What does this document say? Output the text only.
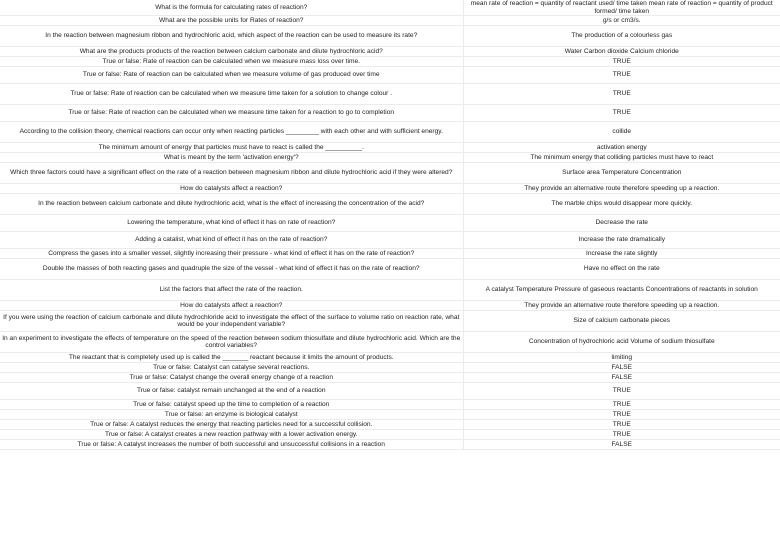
What is the formula for calculating rates of reaction?	mean rate of reaction = quantity of reactant used/ time taken mean rate of reaction = quantity of product formed/ time taken
What are the possible units for Rates of reaction?	g/s or cm3/s.
In the reaction between magnesium ribbon and hydrochloric acid, which aspect of the reaction can be used to measure its rate?	The production of a colourless gas
What are the products products of the reaction between calcium carbonate and dilute hydrochloric acid?	Water Carbon dioxide Calcium chloride
True or false: Rate of reaction can be calculated when we measure mass loss over time.	TRUE
True or false: Rate of reaction can be calculated when we measure volume of gas produced over time	TRUE
True or false: Rate of reaction can be calculated when we measure time taken for a solution to change colour .	TRUE
True or false: Rate of reaction can be calculated when we measure time taken for a reaction to go to completion	TRUE
According to the collision theory, chemical reactions can occur only when reacting particles _________ with each other and with sufficient energy.	collide
The minimum amount of energy that particles must have to react is called the __________.	activation energy
What is meant by the term 'activation energy'?	The minimum energy that colliding particles must have to react
Which three factors could have a significant effect on the rate of a reaction between magnesium ribbon and dilute hydrochloric acid if they were altered?	Surface area Temperature Concentration
How do catalysts affect a reaction?	They provide an alternative route therefore speeding up a reaction.
In the reaction between calcium carbonate and dilute hydrochloric acid, what is the effect of increasing the concentration of the acid?	The marble chips would disappear more quickly.
Lowering the temperature, what kind of effect it has on rate of reaction?	Decrease the rate
Adding a catalist, what kind of effect it has on the rate of reaction?	Increase the rate dramatically
Compress the gases into a smaller vessel, slightly increasing their pressure - what kind of effect it has on the rate of reaction?	Increase the rate slightly
Double the masses of both reacting gases and quadruple the size of the vessel - what kind of effect it has on the rate of reaction?	Have no effect on the rate
List the factors that affect the rate of the reaction.	A catalyst Temperature Pressure of gaseous reactants Concentrations of reactants in solution
How do catalysts affect a reaction?	They provide an alternative route therefore speeding up a reaction.
If you were using the reaction of calcium carbonate and dilute hydrochloride acid to investigate the effect of the surface to volume ratio on reaction rate, what would be your independent variable?	Size of calcium carbonate pieces
In an experiment to investigate the effects of temperature on the speed of the reaction between sodium thiosulfate and dilute hydrochloric acid. Which are the control variables?	Concentration of hydrochloric acid Volume of sodium thiosulfate
The reactant that is completely used up is called the _______ reactant because it limits the amount of products.	limiting
True or false: Catalyst can catalyse several reactions.	FALSE
True or false: Catalyst change the overall energy change of a reaction	FALSE
True or false: catalyst remain unchanged at the end of a reaction	TRUE
True or false: catalyst speed up the time to completion of a reaction	TRUE
True or false: an enzyme is biological catalyst	TRUE
True or false: A catalyst reduces the energy that reacting particles need for a successful collision.	TRUE
True or false: A catalyst creates a new reaction pathway with a lower activation energy.	TRUE
True or false: A catalyst increases the number of both successful and unsuccessful collisions in a reaction	FALSE
